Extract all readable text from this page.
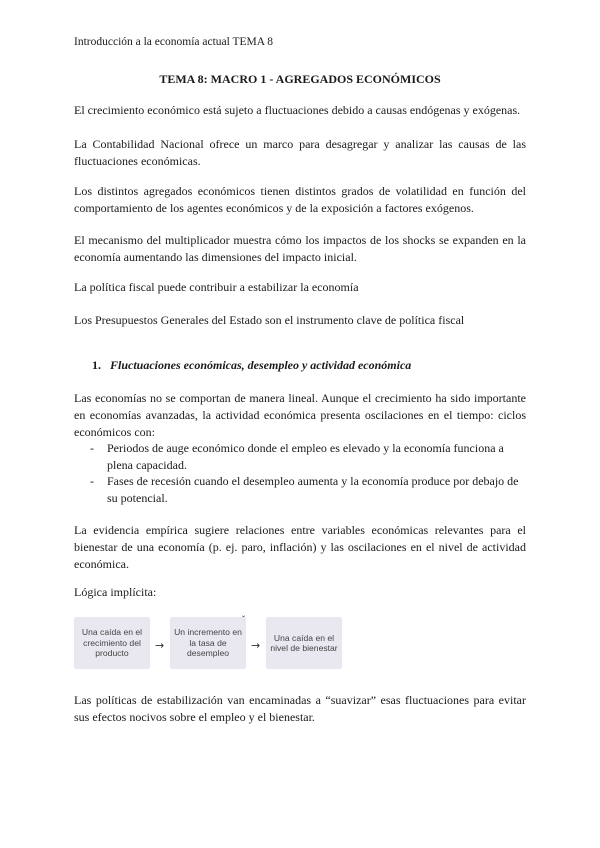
Introducción a la economía actual TEMA 8
TEMA 8: MACRO 1 - AGREGADOS ECONÓMICOS
El crecimiento económico está sujeto a fluctuaciones debido a causas endógenas y exógenas.
La Contabilidad Nacional ofrece un marco para desagregar y analizar las causas de las fluctuaciones económicas.
Los distintos agregados económicos tienen distintos grados de volatilidad en función del comportamiento de los agentes económicos y de la exposición a factores exógenos.
El mecanismo del multiplicador muestra cómo los impactos de los shocks se expanden en la economía aumentando las dimensiones del impacto inicial.
La política fiscal puede contribuir a estabilizar la economía
Los Presupuestos Generales del Estado son el instrumento clave de política fiscal
1. Fluctuaciones económicas, desempleo y actividad económica
Las economías no se comportan de manera lineal. Aunque el crecimiento ha sido importante en economías avanzadas, la actividad económica presenta oscilaciones en el tiempo: ciclos económicos con:
- Periodos de auge económico donde el empleo es elevado y la economía funciona a plena capacidad.
- Fases de recesión cuando el desempleo aumenta y la economía produce por debajo de su potencial.
La evidencia empírica sugiere relaciones entre variables económicas relevantes para el bienestar de una economía (p. ej. paro, inflación) y las oscilaciones en el nivel de actividad económica.
Lógica implícita:
Una caída en el crecimiento del producto
→
Un incremento en la tasa de desempleo
ˇ
→
Una caída en el nivel de bienestar
Las políticas de estabilización van encaminadas a “suavizar” esas fluctuaciones para evitar sus efectos nocivos sobre el empleo y el bienestar.
